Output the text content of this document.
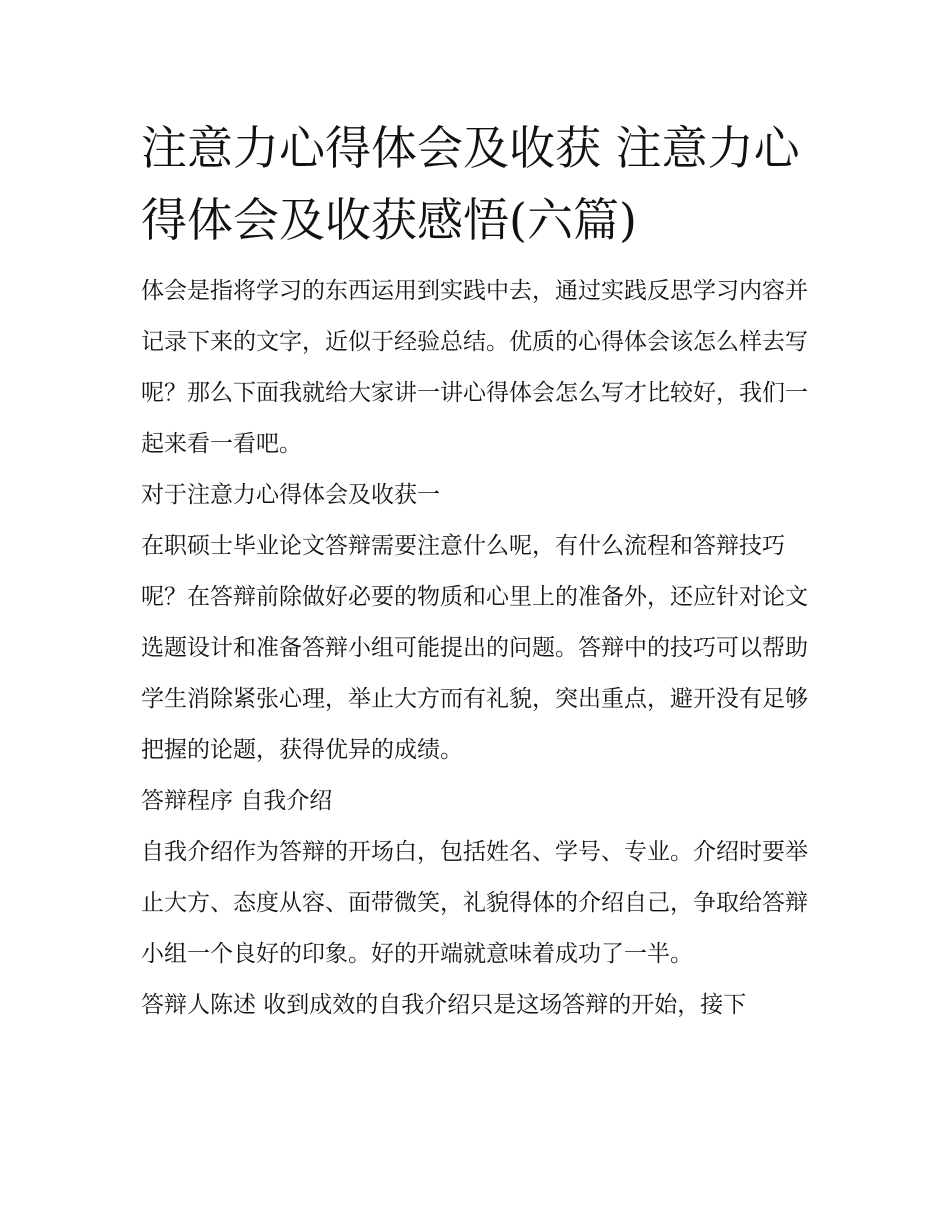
注意力心得体会及收获 注意力心得体会及收获感悟(六篇)

体会是指将学习的东西运用到实践中去，通过实践反思学习内容并记录下来的文字，近似于经验总结。优质的心得体会该怎么样去写呢？那么下面我就给大家讲一讲心得体会怎么写才比较好，我们一起来看一看吧。

对于注意力心得体会及收获一

在职硕士毕业论文答辩需要注意什么呢，有什么流程和答辩技巧呢？在答辩前除做好必要的物质和心里上的准备外，还应针对论文选题设计和准备答辩小组可能提出的问题。答辩中的技巧可以帮助学生消除紧张心理，举止大方而有礼貌，突出重点，避开没有足够把握的论题，获得优异的成绩。

答辩程序 自我介绍

自我介绍作为答辩的开场白，包括姓名、学号、专业。介绍时要举止大方、态度从容、面带微笑，礼貌得体的介绍自己，争取给答辩小组一个良好的印象。好的开端就意味着成功了一半。

答辩人陈述 收到成效的自我介绍只是这场答辩的开始，接下
